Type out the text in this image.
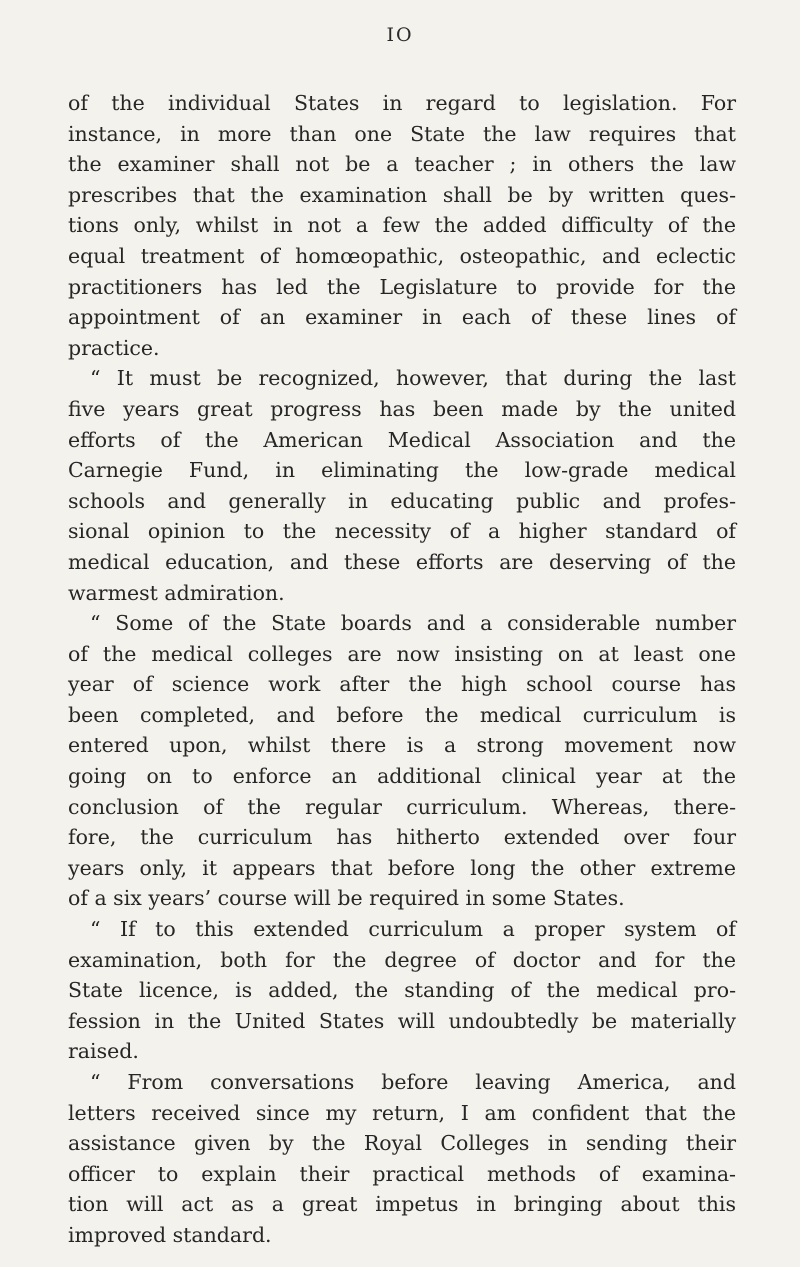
IO
of the individual States in regard to legislation. For
instance, in more than one State the law requires that
the examiner shall not be a teacher ; in others the law
prescribes that the examination shall be by written ques-
tions only, whilst in not a few the added difficulty of the
equal treatment of homœopathic, osteopathic, and eclectic
practitioners has led the Legislature to provide for the
appointment of an examiner in each of these lines of
practice.
“ It must be recognized, however, that during the last
five years great progress has been made by the united
efforts of the American Medical Association and the
Carnegie Fund, in eliminating the low-grade medical
schools and generally in educating public and profes-
sional opinion to the necessity of a higher standard of
medical education, and these efforts are deserving of the
warmest admiration.
“ Some of the State boards and a considerable number
of the medical colleges are now insisting on at least one
year of science work after the high school course has
been completed, and before the medical curriculum is
entered upon, whilst there is a strong movement now
going on to enforce an additional clinical year at the
conclusion of the regular curriculum. Whereas, there-
fore, the curriculum has hitherto extended over four
years only, it appears that before long the other extreme
of a six years’ course will be required in some States.
“ If to this extended curriculum a proper system of
examination, both for the degree of doctor and for the
State licence, is added, the standing of the medical pro-
fession in the United States will undoubtedly be materially
raised.
“ From conversations before leaving America, and
letters received since my return, I am confident that the
assistance given by the Royal Colleges in sending their
officer to explain their practical methods of examina-
tion will act as a great impetus in bringing about this
improved standard.
